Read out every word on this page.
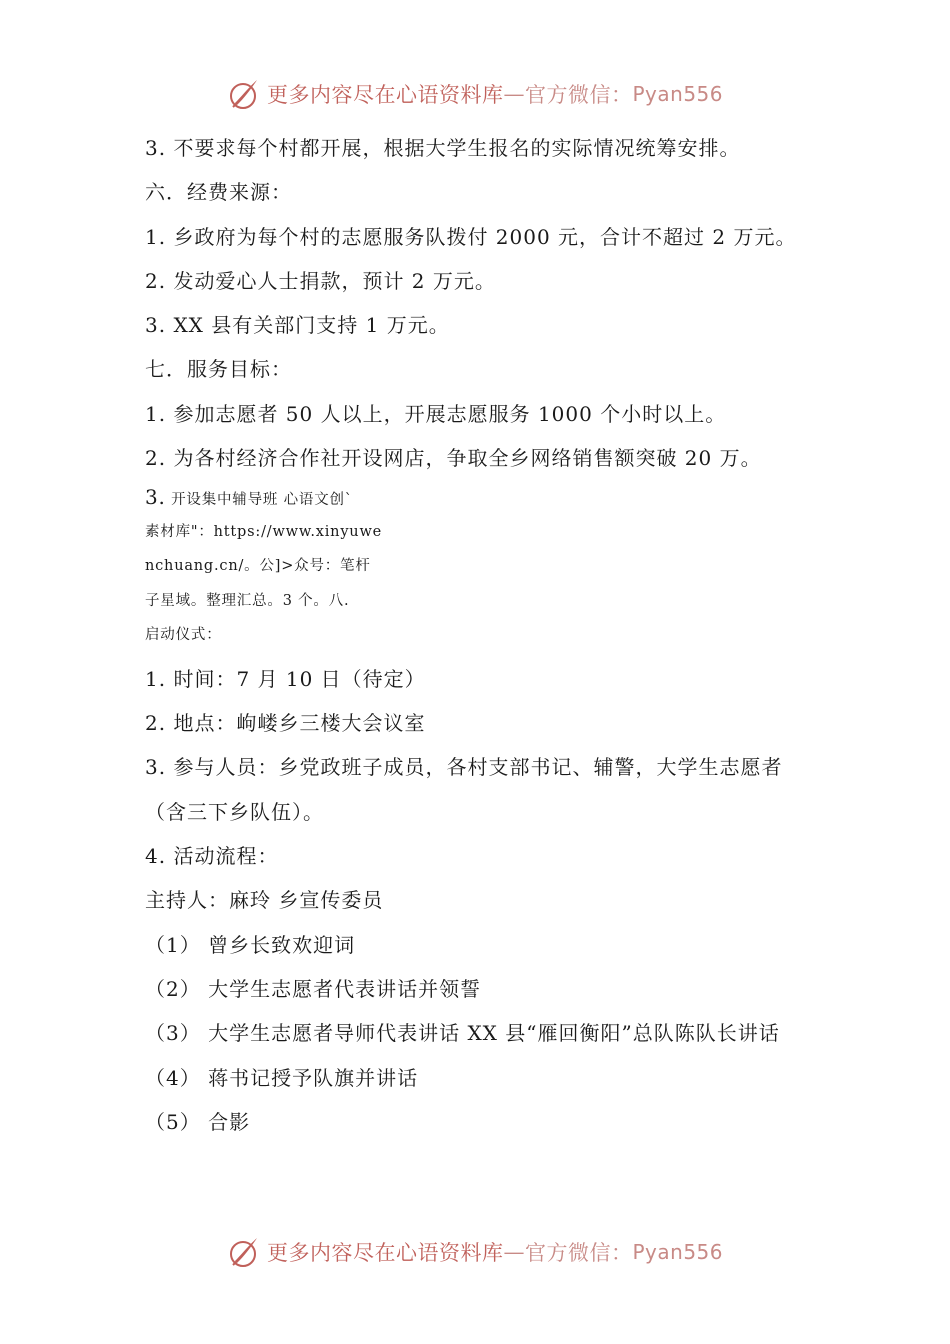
更多内容尽在心语资料库 — 官方微信： Pyan556
3. 不要求每个村都开展，根据大学生报名的实际情况统筹安排。
六．经费来源：
1. 乡政府为每个村的志愿服务队拨付 2000 元，合计不超过 2 万元。
2. 发动爱心人士捐款，预计 2 万元。
3. XX 县有关部门支持 1 万元。
七．服务目标：
1. 参加志愿者 50 人以上，开展志愿服务 1000 个小时以上。
2. 为各村经济合作社开设网店，争取全乡网络销售额突破 20 万。
3. 开设集中辅导班 心语文创`
素材库"：https://www.xinyuwe
nchuang.cn/。公]>众号：笔杆
子星域。整理汇总。3 个。八.
启动仪式：
1. 时间：7 月 10 日（待定）
2. 地点：岣嵝乡三楼大会议室
3. 参与人员：乡党政班子成员，各村支部书记、辅警，大学生志愿者
（含三下乡队伍）。
4. 活动流程：
主持人：麻玲 乡宣传委员
（1） 曾乡长致欢迎词
（2） 大学生志愿者代表讲话并领誓
（3） 大学生志愿者导师代表讲话 XX 县“雁回衡阳”总队陈队长讲话
（4） 蒋书记授予队旗并讲话
（5） 合影
更多内容尽在心语资料库 — 官方微信： Pyan556
